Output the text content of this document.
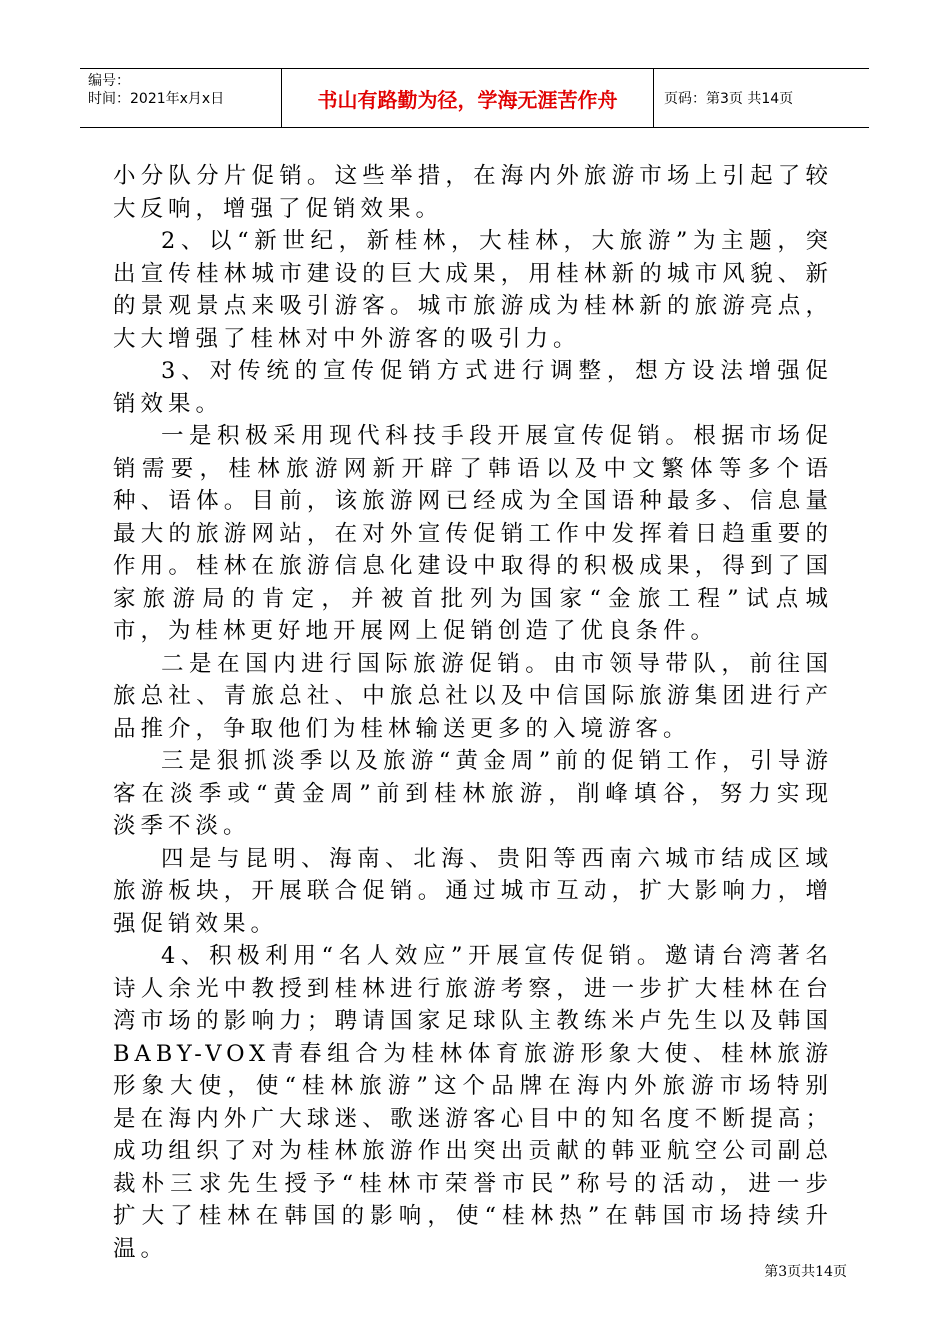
编号：
时间：2021年x月x日	书山有路勤为径，学海无涯苦作舟	页码：第3页 共14页

小分队分片促销。这些举措，在海内外旅游市场上引起了较大反响，增强了促销效果。

2、以“新世纪，新桂林，大桂林，大旅游”为主题，突出宣传桂林城市建设的巨大成果，用桂林新的城市风貌、新的景观景点来吸引游客。城市旅游成为桂林新的旅游亮点，大大增强了桂林对中外游客的吸引力。

3、对传统的宣传促销方式进行调整，想方设法增强促销效果。

一是积极采用现代科技手段开展宣传促销。根据市场促销需要，桂林旅游网新开辟了韩语以及中文繁体等多个语种、语体。目前，该旅游网已经成为全国语种最多、信息量最大的旅游网站，在对外宣传促销工作中发挥着日趋重要的作用。桂林在旅游信息化建设中取得的积极成果，得到了国家旅游局的肯定，并被首批列为国家“金旅工程”试点城市，为桂林更好地开展网上促销创造了优良条件。

二是在国内进行国际旅游促销。由市领导带队，前往国旅总社、青旅总社、中旅总社以及中信国际旅游集团进行产品推介，争取他们为桂林输送更多的入境游客。

三是狠抓淡季以及旅游“黄金周”前的促销工作，引导游客在淡季或“黄金周”前到桂林旅游，削峰填谷，努力实现淡季不淡。

四是与昆明、海南、北海、贵阳等西南六城市结成区域旅游板块，开展联合促销。通过城市互动，扩大影响力，增强促销效果。

4、积极利用“名人效应”开展宣传促销。邀请台湾著名诗人余光中教授到桂林进行旅游考察，进一步扩大桂林在台湾市场的影响力；聘请国家足球队主教练米卢先生以及韩国BABY-VOX青春组合为桂林体育旅游形象大使、桂林旅游形象大使，使“桂林旅游”这个品牌在海内外旅游市场特别是在海内外广大球迷、歌迷游客心目中的知名度不断提高；成功组织了对为桂林旅游作出突出贡献的韩亚航空公司副总裁朴三求先生授予“桂林市荣誉市民”称号的活动，进一步扩大了桂林在韩国的影响，使“桂林热”在韩国市场持续升温。

第3页共14页
